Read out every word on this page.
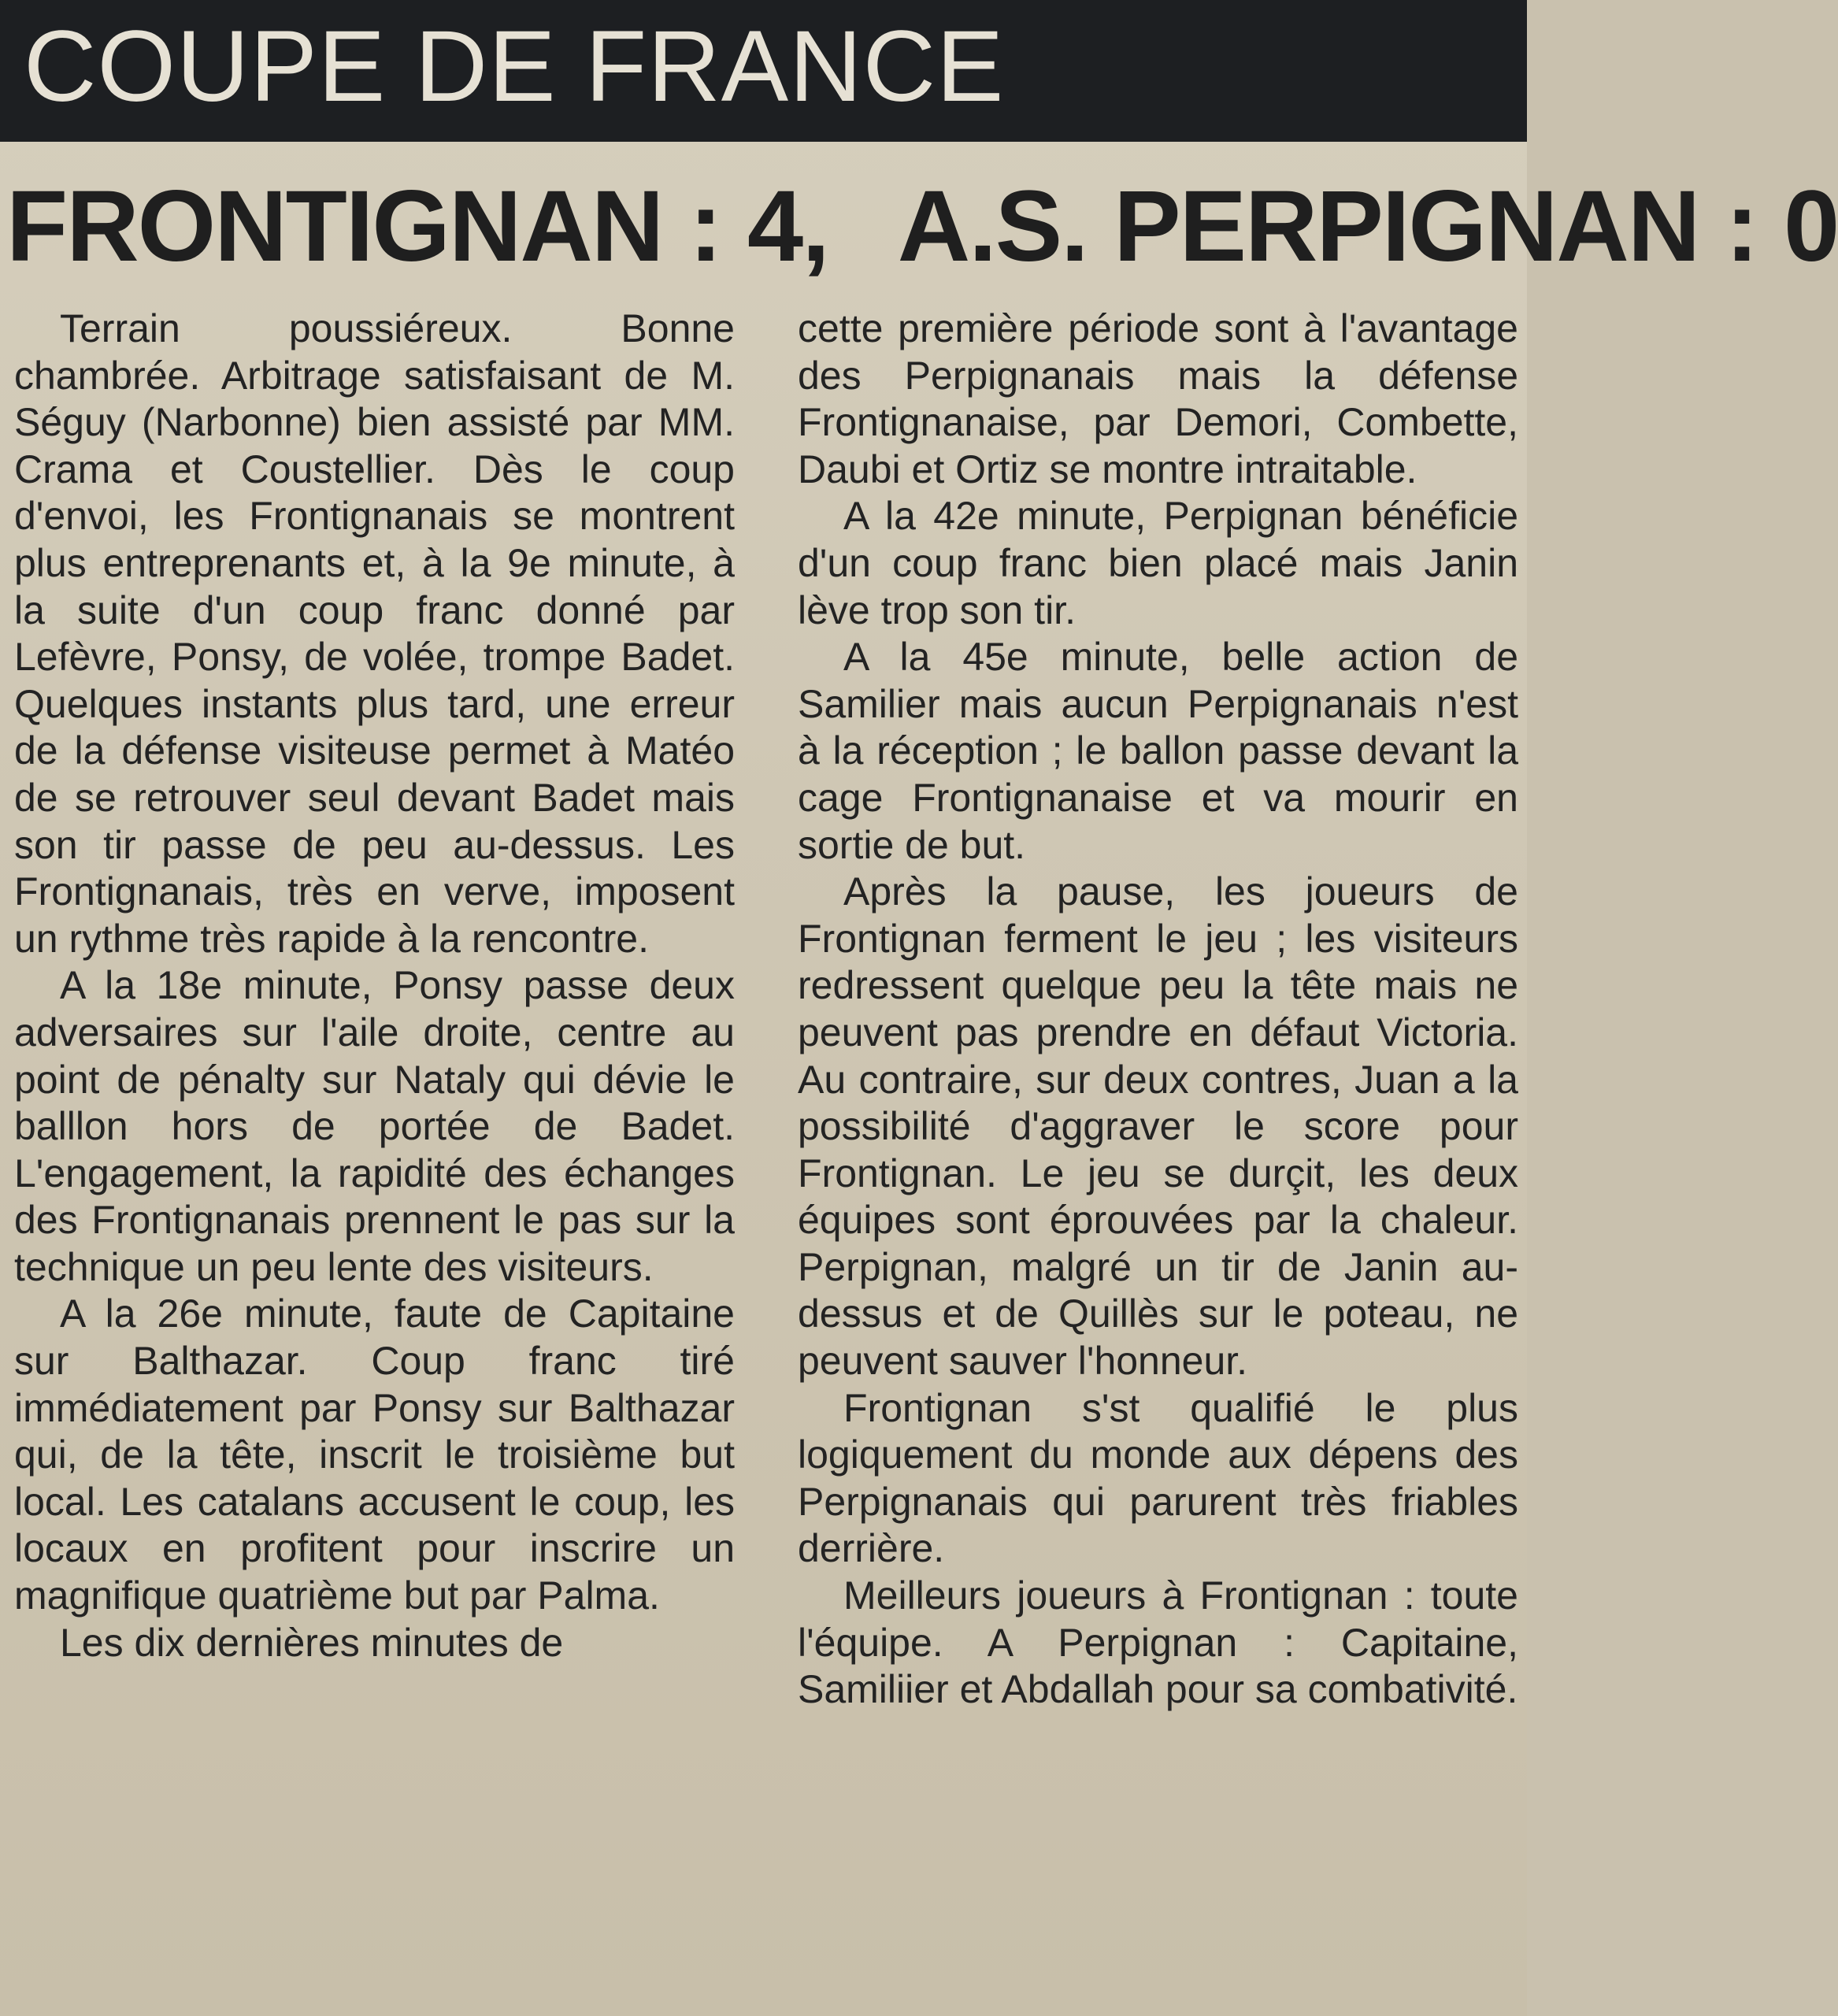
COUPE DE FRANCE
FRONTIGNAN : 4, A.S. PERPIGNAN : 0

Terrain poussiéreux. Bonne chambrée. Arbitrage satisfaisant de M. Séguy (Narbonne) bien assisté par MM. Crama et Coustellier. Dès le coup d'envoi, les Frontignanais se montrent plus entreprenants et, à la 9e minute, à la suite d'un coup franc donné par Lefèvre, Ponsy, de volée, trompe Badet. Quelques instants plus tard, une erreur de la défense visiteuse permet à Matéo de se retrouver seul devant Badet mais son tir passe de peu au-dessus. Les Frontignanais, très en verve, imposent un rythme très rapide à la rencontre.

A la 18e minute, Ponsy passe deux adversaires sur l'aile droite, centre au point de pénalty sur Nataly qui dévie le balllon hors de portée de Badet. L'engagement, la rapidité des échanges des Frontignanais prennent le pas sur la technique un peu lente des visiteurs.

A la 26e minute, faute de Capitaine sur Balthazar. Coup franc tiré immédiatement par Ponsy sur Balthazar qui, de la tête, inscrit le troisième but local. Les catalans accusent le coup, les locaux en profitent pour inscrire un magnifique quatrième but par Palma.

Les dix dernières minutes de

cette première période sont à l'avantage des Perpignanais mais la défense Frontignanaise, par Demori, Combette, Daubi et Ortiz se montre intraitable.

A la 42e minute, Perpignan bénéficie d'un coup franc bien placé mais Janin lève trop son tir.

A la 45e minute, belle action de Samilier mais aucun Perpignanais n'est à la réception ; le ballon passe devant la cage Frontignanaise et va mourir en sortie de but.

Après la pause, les joueurs de Frontignan ferment le jeu ; les visiteurs redressent quelque peu la tête mais ne peuvent pas prendre en défaut Victoria. Au contraire, sur deux contres, Juan a la possibilité d'aggraver le score pour Frontignan. Le jeu se durçit, les deux équipes sont éprouvées par la chaleur. Perpignan, malgré un tir de Janin au-dessus et de Quillès sur le poteau, ne peuvent sauver l'honneur.

Frontignan s'st qualifié le plus logiquement du monde aux dépens des Perpignanais qui parurent très friables derrière.

Meilleurs joueurs à Frontignan : toute l'équipe. A Perpignan : Capitaine, Samiliier et Abdallah pour sa combativité.
